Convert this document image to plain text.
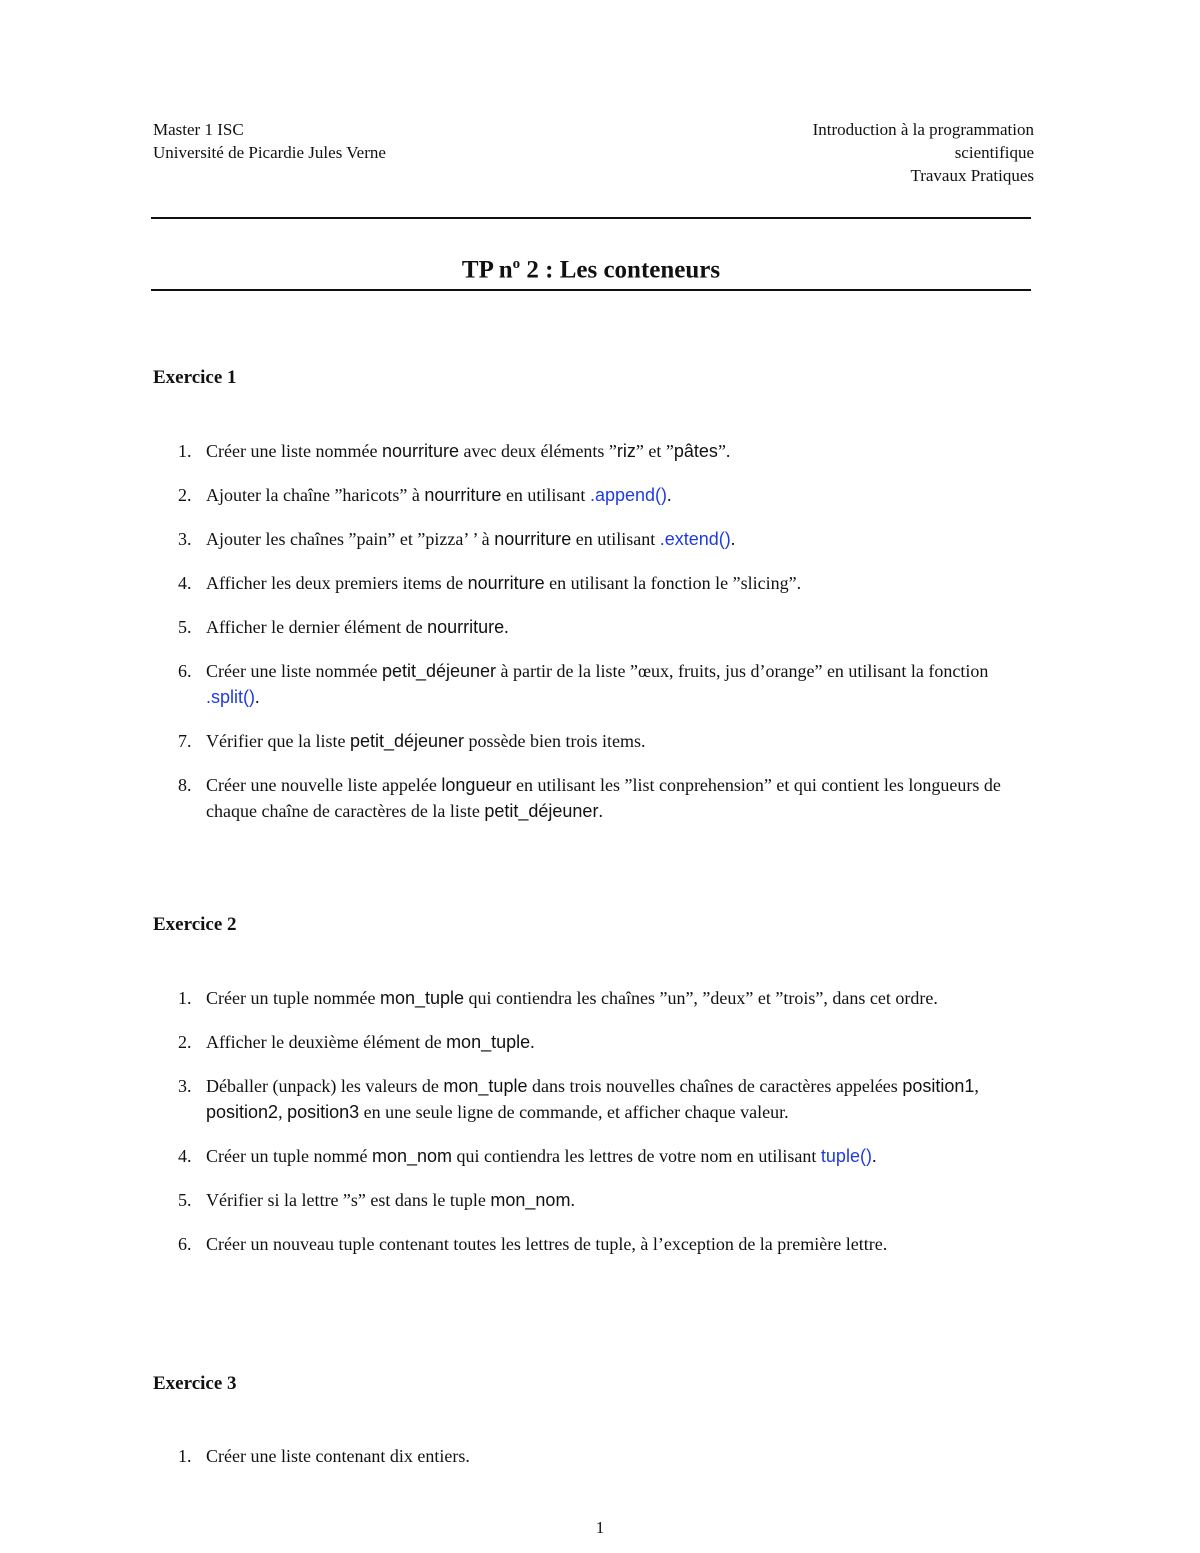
Master 1 ISC
Université de Picardie Jules Verne
Introduction à la programmation
scientifique
Travaux Pratiques
TP $n^o$ 2 : Les conteneurs
Exercice 1
1. Créer une liste nommée nourriture avec deux éléments ”riz” et ”pâtes”.
2. Ajouter la chaîne ”haricots” à nourriture en utilisant .append().
3. Ajouter les chaînes ”pain” et ”pizza’ ’ à nourriture en utilisant .extend().
4. Afficher les deux premiers items de nourriture en utilisant la fonction le ”slicing”.
5. Afficher le dernier élément de nourriture.
6. Créer une liste nommée petit_déjeuner à partir de la liste ”œux, fruits, jus d’orange” en utilisant la fonction .split().
7. Vérifier que la liste petit_déjeuner possède bien trois items.
8. Créer une nouvelle liste appelée longueur en utilisant les ”list conprehension” et qui contient les longueurs de chaque chaîne de caractères de la liste petit_déjeuner.
Exercice 2
1. Créer un tuple nommée mon_tuple qui contiendra les chaînes ”un”, ”deux” et ”trois”, dans cet ordre.
2. Afficher le deuxième élément de mon_tuple.
3. Déballer (unpack) les valeurs de mon_tuple dans trois nouvelles chaînes de caractères appelées position1, position2, position3 en une seule ligne de commande, et afficher chaque valeur.
4. Créer un tuple nommé mon_nom qui contiendra les lettres de votre nom en utilisant tuple().
5. Vérifier si la lettre ”s” est dans le tuple mon_nom.
6. Créer un nouveau tuple contenant toutes les lettres de tuple, à l’exception de la première lettre.
Exercice 3
1. Créer une liste contenant dix entiers.
1
